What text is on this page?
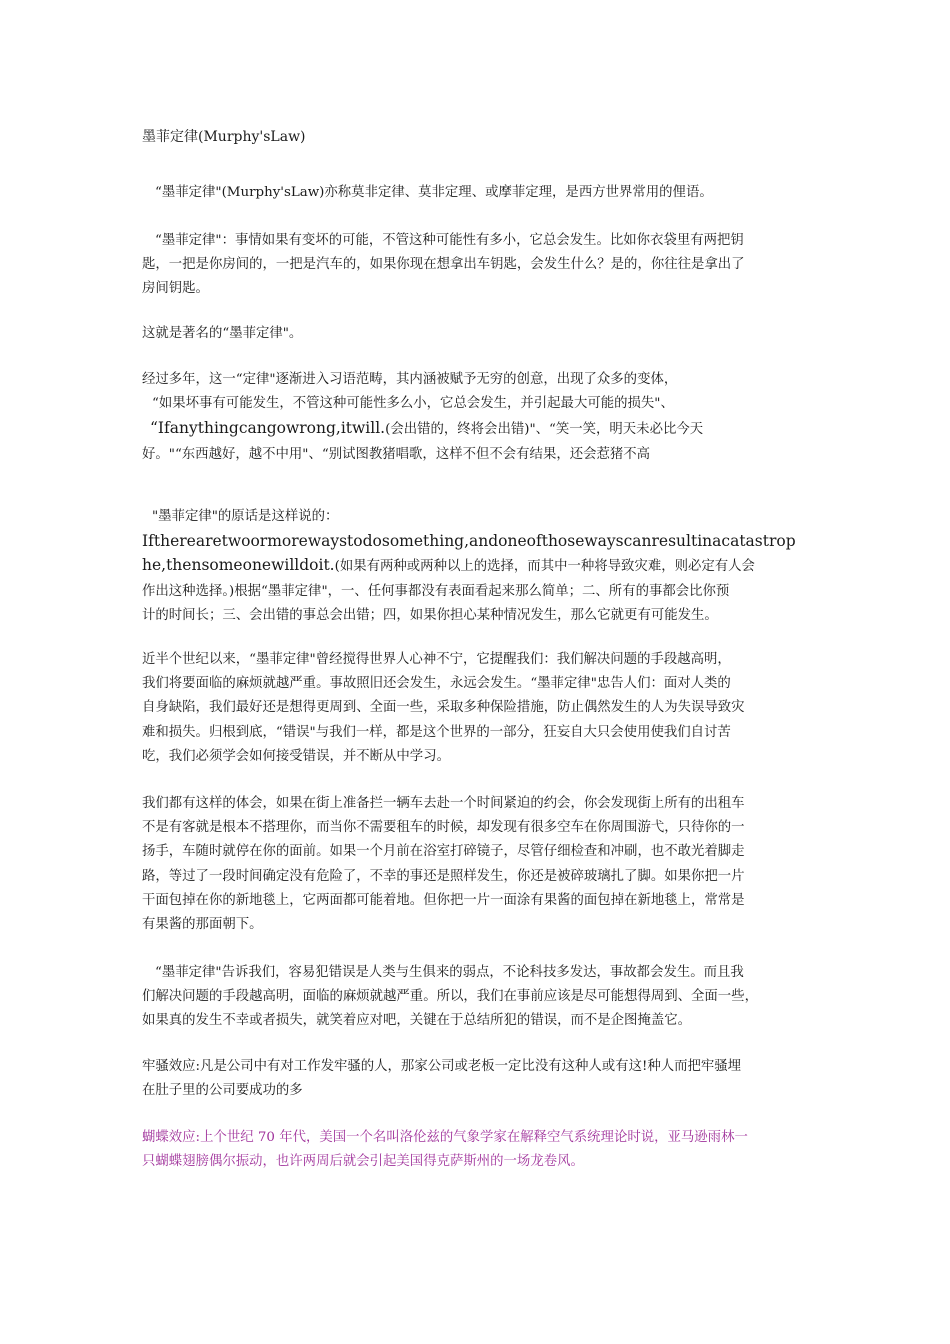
墨菲定律(Murphy'sLaw)

“墨菲定律"(Murphy'sLaw)亦称莫非定律、莫非定理、或摩菲定理，是西方世界常用的俚语。

“墨菲定律"：事情如果有变坏的可能，不管这种可能性有多小，它总会发生。比如你衣袋里有两把钥
匙，一把是你房间的，一把是汽车的，如果你现在想拿出车钥匙，会发生什么？是的，你往往是拿出了
房间钥匙。

这就是著名的“墨菲定律"。

经过多年，这一“定律"逐渐进入习语范畴，其内涵被赋予无穷的创意，出现了众多的变体，
“如果坏事有可能发生，不管这种可能性多么小，它总会发生，并引起最大可能的损失"、
“Ifanythingcangowrong,itwill.(会出错的，终将会出错)"、“笑一笑，明天未必比今天
好。"“东西越好，越不中用"、“别试图教猪唱歌，这样不但不会有结果，还会惹猪不高

"墨菲定律"的原话是这样说的：
Iftherearetwoormorewaystodosomething,andoneofthosewayscanresultinacatastrop
he,thensomeonewilldoit.(如果有两种或两种以上的选择，而其中一种将导致灾难，则必定有人会
作出这种选择。)根据“墨菲定律"，一、任何事都没有表面看起来那么简单；二、所有的事都会比你预
计的时间长；三、会出错的事总会出错；四，如果你担心某种情况发生，那么它就更有可能发生。

近半个世纪以来，“墨菲定律"曾经搅得世界人心神不宁，它提醒我们：我们解决问题的手段越高明，
我们将要面临的麻烦就越严重。事故照旧还会发生，永远会发生。“墨菲定律"忠告人们：面对人类的
自身缺陷，我们最好还是想得更周到、全面一些，采取多种保险措施，防止偶然发生的人为失误导致灾
难和损失。归根到底，“错误"与我们一样，都是这个世界的一部分，狂妄自大只会使用使我们自讨苦
吃，我们必须学会如何接受错误，并不断从中学习。

我们都有这样的体会，如果在街上准备拦一辆车去赴一个时间紧迫的约会，你会发现街上所有的出租车
不是有客就是根本不搭理你，而当你不需要租车的时候，却发现有很多空车在你周围游弋，只待你的一
扬手，车随时就停在你的面前。如果一个月前在浴室打碎镜子，尽管仔细检查和冲刷，也不敢光着脚走
路，等过了一段时间确定没有危险了，不幸的事还是照样发生，你还是被碎玻璃扎了脚。如果你把一片
干面包掉在你的新地毯上，它两面都可能着地。但你把一片一面涂有果酱的面包掉在新地毯上，常常是
有果酱的那面朝下。

“墨菲定律"告诉我们，容易犯错误是人类与生俱来的弱点，不论科技多发达，事故都会发生。而且我
们解决问题的手段越高明，面临的麻烦就越严重。所以，我们在事前应该是尽可能想得周到、全面一些，
如果真的发生不幸或者损失，就笑着应对吧，关键在于总结所犯的错误，而不是企图掩盖它。

牢骚效应:凡是公司中有对工作发牢骚的人，那家公司或老板一定比没有这种人或有这!种人而把牢骚埋
在肚子里的公司要成功的多

蝴蝶效应:上个世纪 70 年代，美国一个名叫洛伦兹的气象学家在解释空气系统理论时说，亚马逊雨林一
只蝴蝶翅膀偶尔振动，也许两周后就会引起美国得克萨斯州的一场龙卷风。
